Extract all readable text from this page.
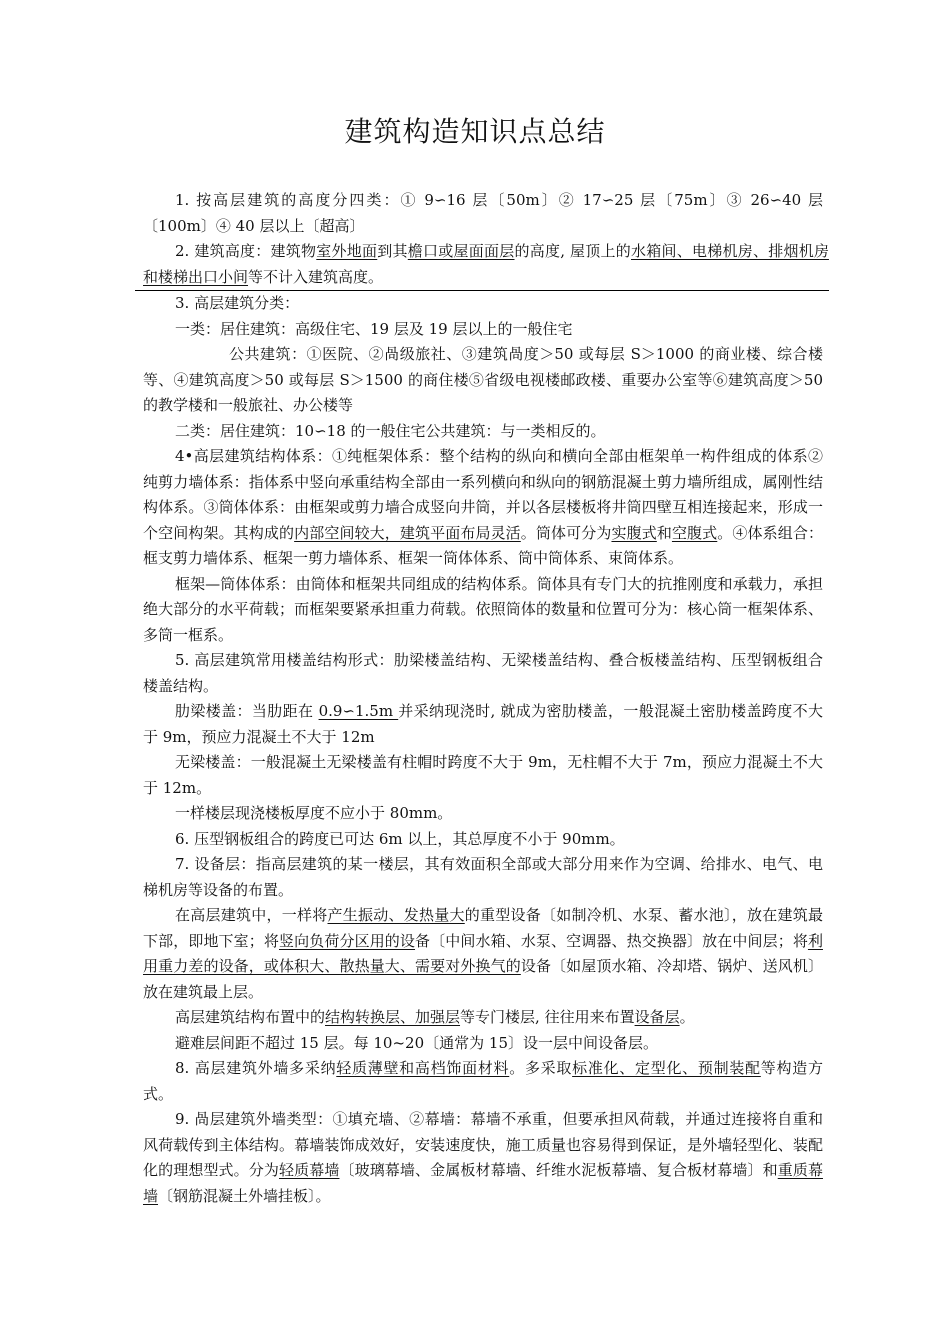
建筑构造知识点总结

1. 按高层建筑的高度分四类：① 9∽16 层〔50m〕② 17∽25 层〔75m〕③ 26∽40 层〔100m〕④ 40 层以上〔超高〕

2. 建筑高度：建筑物室外地面到其檐口或屋面面层的高度, 屋顶上的水箱间、电梯机房、排烟机房和楼梯出口小间等不计入建筑高度。

3. 高层建筑分类：

一类：居住建筑：高级住宅、19 层及 19 层以上的一般住宅

公共建筑：①医院、②咼级旅社、③建筑咼度＞50 或每层 S＞1000 的商业楼、综合楼等、④建筑高度＞50 或每层 S＞1500 的商住楼⑤省级电视楼邮政楼、重要办公室等⑥建筑高度＞50 的教学楼和一般旅社、办公楼等

二类：居住建筑：10∽18 的一般住宅公共建筑：与一类相反的。

4•高层建筑结构体系：①纯框架体系：整个结构的纵向和横向全部由框架单一构件组成的体系②纯剪力墙体系：指体系中竖向承重结构全部由一系列横向和纵向的钢筋混凝土剪力墙所组成，属刚性结构体系。③筒体体系：由框架或剪力墙合成竖向井筒，并以各层楼板将井筒四壁互相连接起来，形成一个空间构架。其构成的内部空间较大，建筑平面布局灵活。筒体可分为实腹式和空腹式。④体系组合：框支剪力墙体系、框架一剪力墙体系、框架一筒体体系、筒中筒体系、束筒体系。

框架—筒体体系：由筒体和框架共同组成的结构体系。筒体具有专门大的抗推刚度和承载力，承担绝大部分的水平荷载；而框架要紧承担重力荷载。依照筒体的数量和位置可分为：核心筒一框架体系、多筒一框系。

5. 高层建筑常用楼盖结构形式：肋梁楼盖结构、无梁楼盖结构、叠合板楼盖结构、压型钢板组合楼盖结构。

肋梁楼盖：当肋距在 0.9∽1.5m 并采纳现浇时, 就成为密肋楼盖，一般混凝土密肋楼盖跨度不大于 9m，预应力混凝土不大于 12m

无梁楼盖：一般混凝土无梁楼盖有柱帽时跨度不大于 9m，无柱帽不大于 7m，预应力混凝土不大于 12m。

一样楼层现浇楼板厚度不应小于 80mm。

6. 压型钢板组合的跨度已可达 6m 以上，其总厚度不小于 90mm。

7. 设备层：指高层建筑的某一楼层，其有效面积全部或大部分用来作为空调、给排水、电气、电梯机房等设备的布置。

在高层建筑中，一样将产生振动、发热量大的重型设备〔如制冷机、水泵、蓄水池〕，放在建筑最下部，即地下室；将竖向负荷分区用的设备〔中间水箱、水泵、空调器、热交换器〕放在中间层；将利用重力差的设备，或体积大、散热量大、需要对外换气的设备〔如屋顶水箱、冷却塔、锅炉、送风机〕放在建筑最上层。

高层建筑结构布置中的结构转换层、加强层等专门楼层, 往往用来布置设备层。

避难层间距不超过 15 层。每 10~20〔通常为 15〕设一层中间设备层。

8. 高层建筑外墙多采纳轻质薄壁和高档饰面材料。多采取标准化、定型化、预制装配等构造方式。

9. 咼层建筑外墙类型：①填充墙、②幕墙：幕墙不承重，但要承担风荷载，并通过连接将自重和风荷载传到主体结构。幕墙装饰成效好，安装速度快，施工质量也容易得到保证，是外墙轻型化、装配化的理想型式。分为轻质幕墙〔玻璃幕墙、金属板材幕墙、纤维水泥板幕墙、复合板材幕墙〕和重质幕墙〔钢筋混凝土外墙挂板〕。
